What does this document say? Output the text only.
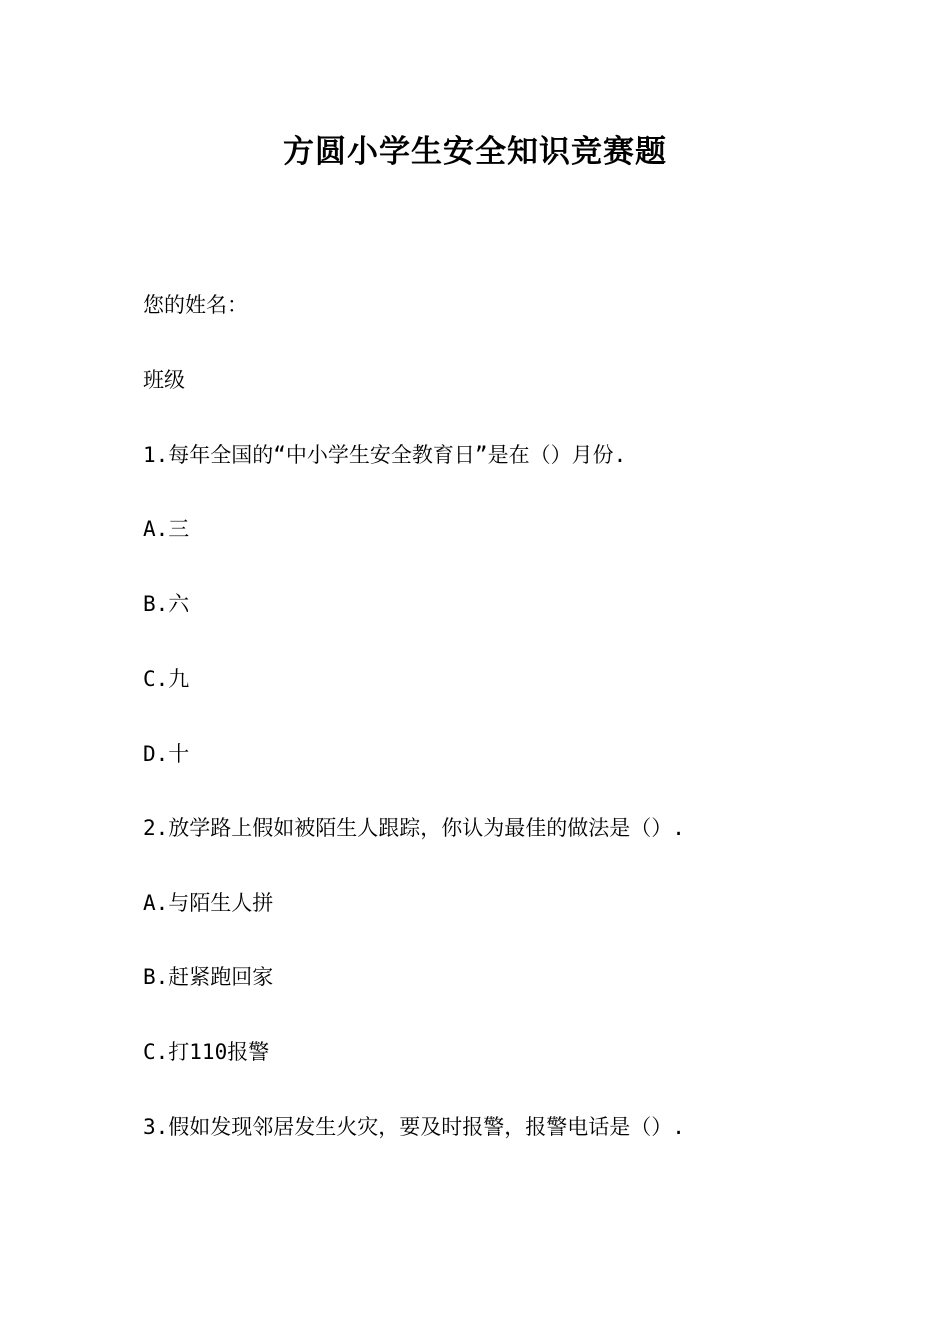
方圆小学生安全知识竞赛题
您的姓名：
班级
1.每年全国的“中小学生安全教育日”是在（）月份.
A.三
B.六
C.九
D.十
2.放学路上假如被陌生人跟踪，你认为最佳的做法是（）.
A.与陌生人拼
B.赶紧跑回家
C.打110报警
3.假如发现邻居发生火灾，要及时报警，报警电话是（）.
